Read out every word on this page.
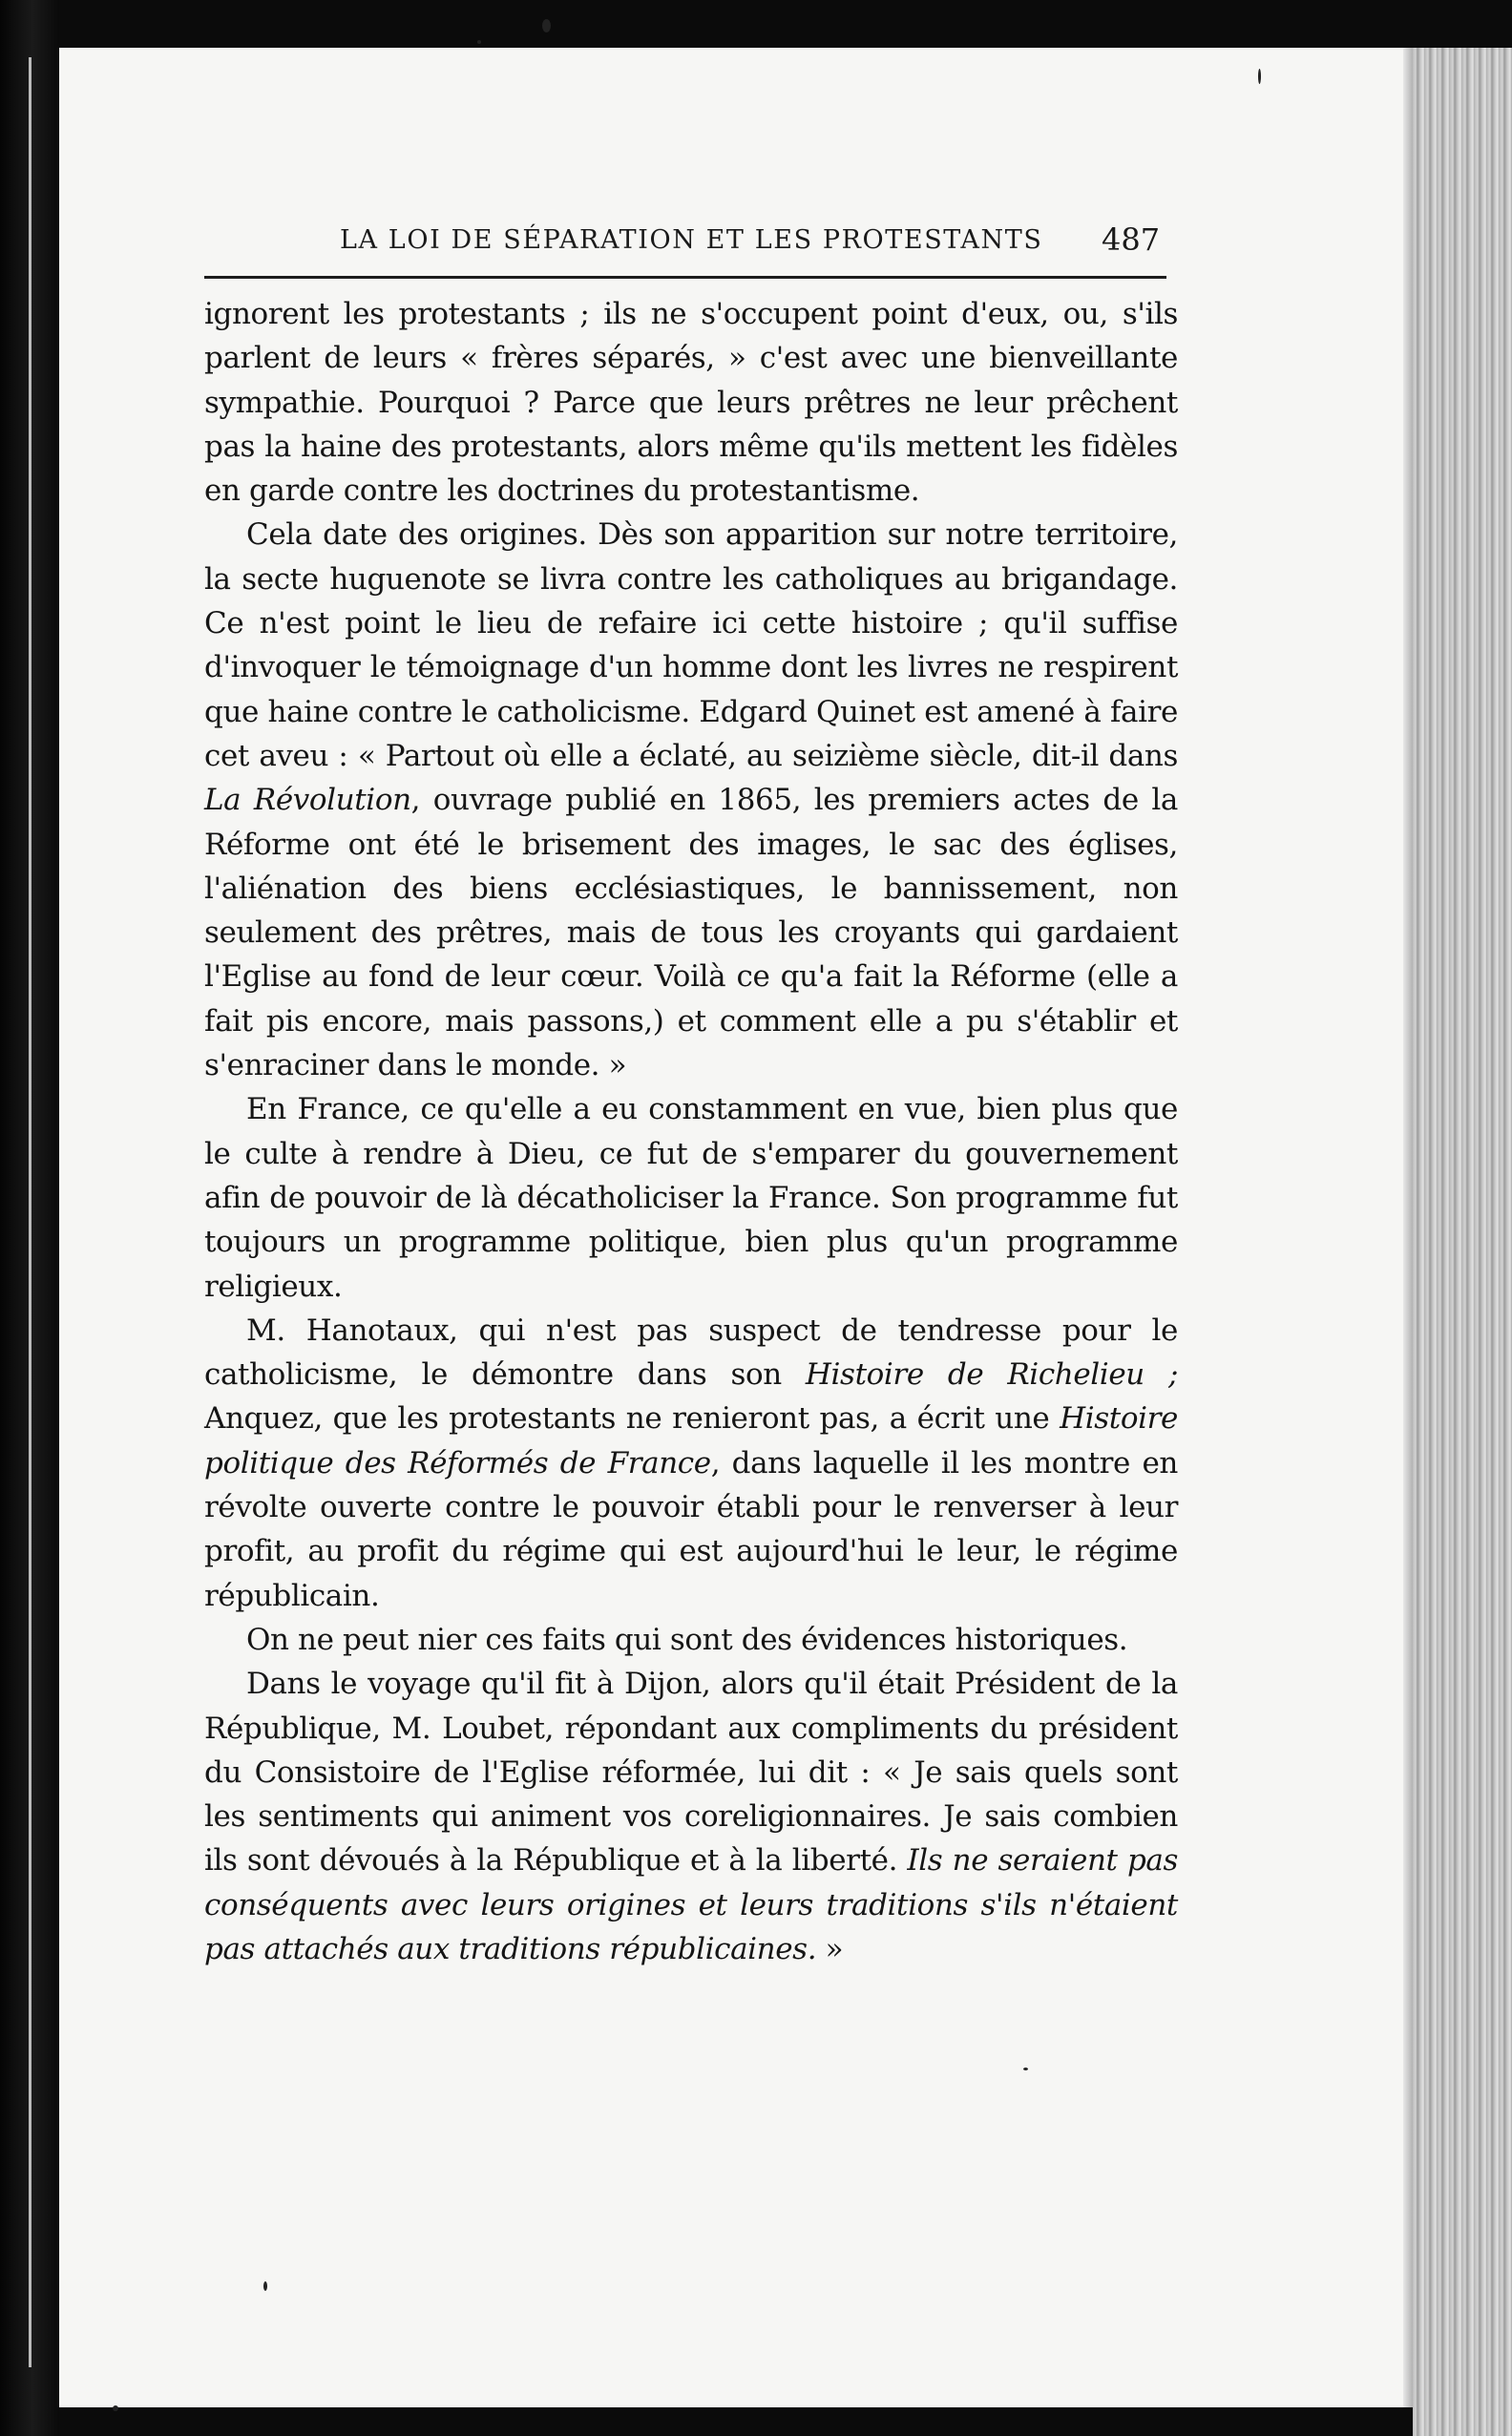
LA LOI DE SÉPARATION ET LES PROTESTANTS 487

ignorent les protestants ; ils ne s'occupent point d'eux, ou, s'ils parlent de leurs « frères séparés, » c'est avec une bienveillante sympathie. Pourquoi ? Parce que leurs prêtres ne leur prêchent pas la haine des protestants, alors même qu'ils mettent les fidèles en garde contre les doctrines du protestantisme.

Cela date des origines. Dès son apparition sur notre territoire, la secte huguenote se livra contre les catholiques au brigandage. Ce n'est point le lieu de refaire ici cette histoire ; qu'il suffise d'invoquer le témoignage d'un homme dont les livres ne respirent que haine contre le catholicisme. Edgard Quinet est amené à faire cet aveu : « Partout où elle a éclaté, au seizième siècle, dit-il dans La Révolution, ouvrage publié en 1865, les premiers actes de la Réforme ont été le brisement des images, le sac des églises, l'aliénation des biens ecclésiastiques, le bannissement, non seulement des prêtres, mais de tous les croyants qui gardaient l'Eglise au fond de leur cœur. Voilà ce qu'a fait la Réforme (elle a fait pis encore, mais passons,) et comment elle a pu s'établir et s'enraciner dans le monde. »

En France, ce qu'elle a eu constamment en vue, bien plus que le culte à rendre à Dieu, ce fut de s'emparer du gouvernement afin de pouvoir de là décatholiciser la France. Son programme fut toujours un programme politique, bien plus qu'un programme religieux.

M. Hanotaux, qui n'est pas suspect de tendresse pour le catholicisme, le démontre dans son Histoire de Richelieu ; Anquez, que les protestants ne renieront pas, a écrit une Histoire politique des Réformés de France, dans laquelle il les montre en révolte ouverte contre le pouvoir établi pour le renverser à leur profit, au profit du régime qui est aujourd'hui le leur, le régime républicain.

On ne peut nier ces faits qui sont des évidences historiques.

Dans le voyage qu'il fit à Dijon, alors qu'il était Président de la République, M. Loubet, répondant aux compliments du président du Consistoire de l'Eglise réformée, lui dit : « Je sais quels sont les sentiments qui animent vos coreligionnaires. Je sais combien ils sont dévoués à la République et à la liberté. Ils ne seraient pas conséquents avec leurs origines et leurs traditions s'ils n'étaient pas attachés aux traditions républicaines. »
